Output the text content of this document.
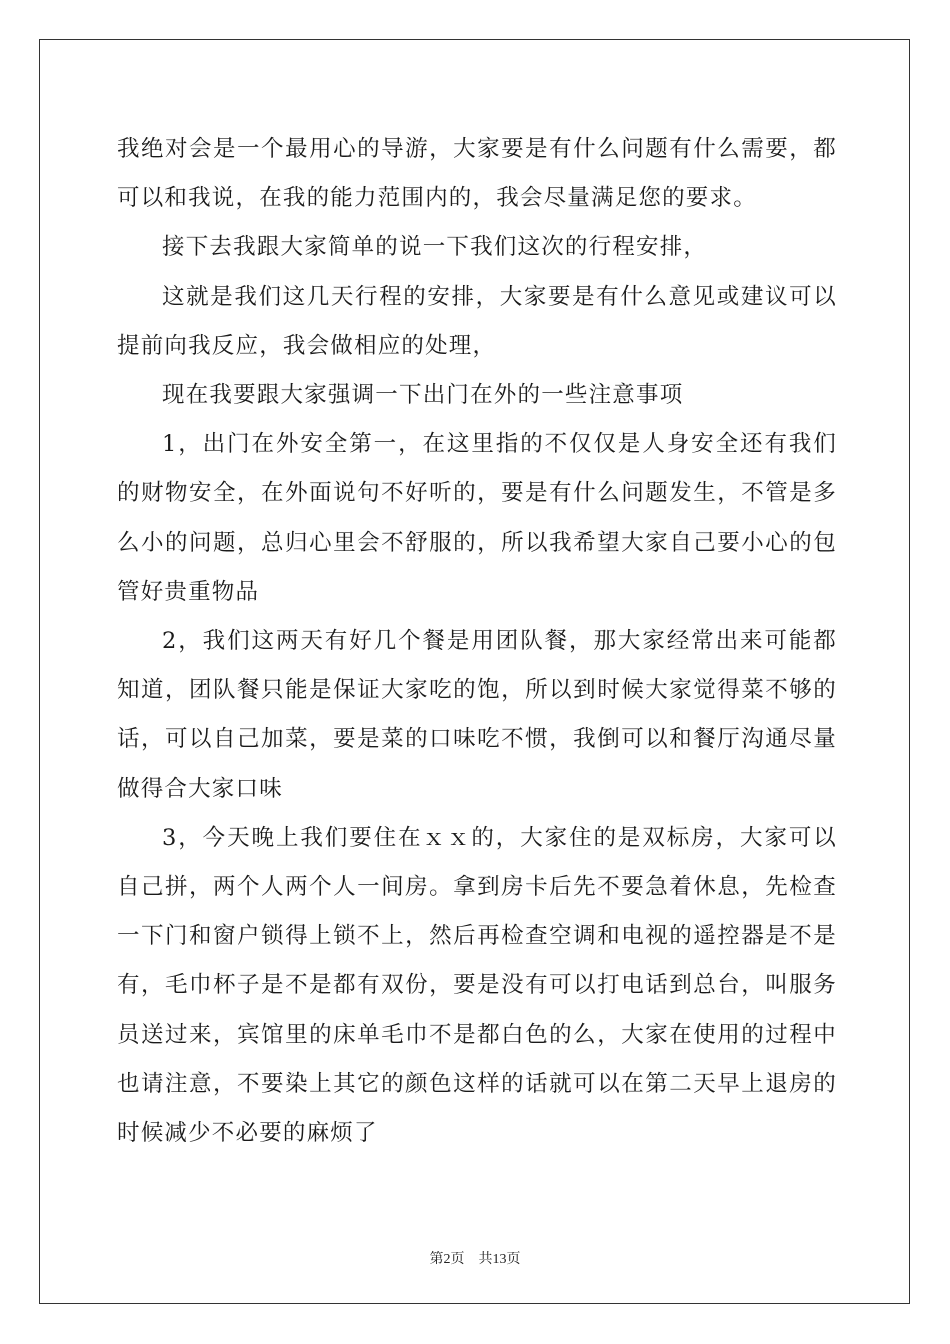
我绝对会是一个最用心的导游，大家要是有什么问题有什么需要，都可以和我说，在我的能力范围内的，我会尽量满足您的要求。

接下去我跟大家简单的说一下我们这次的行程安排，

这就是我们这几天行程的安排，大家要是有什么意见或建议可以提前向我反应，我会做相应的处理，

现在我要跟大家强调一下出门在外的一些注意事项

1，出门在外安全第一，在这里指的不仅仅是人身安全还有我们的财物安全，在外面说句不好听的，要是有什么问题发生，不管是多么小的问题，总归心里会不舒服的，所以我希望大家自己要小心的包管好贵重物品

2，我们这两天有好几个餐是用团队餐，那大家经常出来可能都知道，团队餐只能是保证大家吃的饱，所以到时候大家觉得菜不够的话，可以自己加菜，要是菜的口味吃不惯，我倒可以和餐厅沟通尽量做得合大家口味

3，今天晚上我们要住在ｘｘ的，大家住的是双标房，大家可以自己拼，两个人两个人一间房。拿到房卡后先不要急着休息，先检查一下门和窗户锁得上锁不上，然后再检查空调和电视的遥控器是不是有，毛巾杯子是不是都有双份，要是没有可以打电话到总台，叫服务员送过来，宾馆里的床单毛巾不是都白色的么，大家在使用的过程中也请注意，不要染上其它的颜色这样的话就可以在第二天早上退房的时候减少不必要的麻烦了

第2页 共13页
